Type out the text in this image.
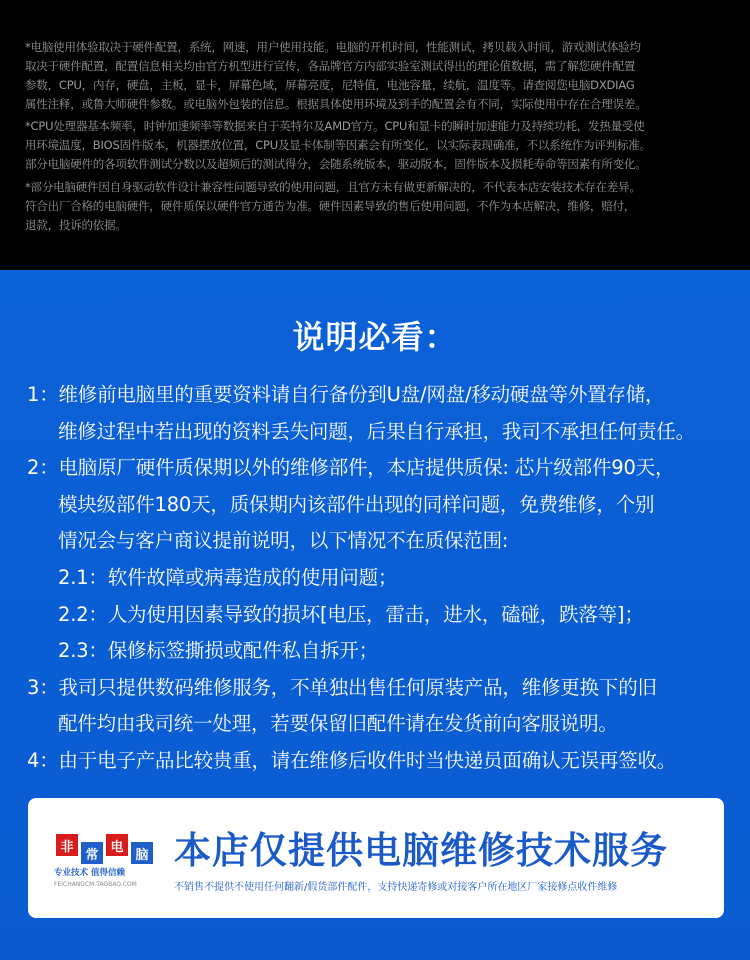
*电脑使用体验取决于硬件配置，系统，网速，用户使用技能。电脑的开机时间，性能测试，拷贝载入时间，游戏测试体验均
取决于硬件配置，配置信息相关均由官方机型进行宣传，各品牌官方内部实验室测试得出的理论值数据，需了解您硬件配置
参数，CPU，内存，硬盘，主板，显卡，屏幕色域，屏幕亮度，尼特值，电池容量，续航，温度等。请查阅您电脑DXDIAG
属性注释，或鲁大师硬件参数。或电脑外包装的信息。根据具体使用环境及到手的配置会有不同，实际使用中存在合理误差。
*CPU处理器基本频率，时钟加速频率等数据来自于英特尔及AMD官方。CPU和显卡的瞬时加速能力及持续功耗，发热量受使
用环境温度，BIOS固件版本，机器摆放位置，CPU及显卡体制等因素会有所变化，以实际表现确准，不以系统作为评判标准。
部分电脑硬件的各项软件测试分数以及超频后的测试得分，会随系统版本，驱动版本，固件版本及损耗寿命等因素有所变化。
*部分电脑硬件因自身驱动软件设计兼容性问题导致的使用问题，且官方未有做更新解决的，不代表本店安装技术存在差异。
符合出厂合格的电脑硬件，硬件质保以硬件官方通告为准。硬件因素导致的售后使用问题，不作为本店解决，维修，赔付，
退款，投诉的依据。
说明必看：
1：维修前电脑里的重要资料请自行备份到U盘/网盘/移动硬盘等外置存储，
维修过程中若出现的资料丢失问题，后果自行承担，我司不承担任何责任。
2：电脑原厂硬件质保期以外的维修部件，本店提供质保: 芯片级部件90天，
模块级部件180天，质保期内该部件出现的同样问题，免费维修，个别
情况会与客户商议提前说明，以下情况不在质保范围:
2.1：软件故障或病毒造成的使用问题；
2.2：人为使用因素导致的损坏[电压，雷击，进水，磕碰，跌落等]；
2.3：保修标签撕损或配件私自拆开；
3：我司只提供数码维修服务，不单独出售任何原装产品，维修更换下的旧
配件均由我司统一处理，若要保留旧配件请在发货前向客服说明。
4：由于电子产品比较贵重，请在维修后收件时当快递员面确认无误再签收。
非
常
电
脑
专业技术 值得信赖
FEICHANGCM.TAOBAO.COM
本店仅提供电脑维修技术服务
不销售不提供不使用任何翻新/假货部件配件，支持快递寄修或对接客户所在地区厂家接修点收件维修
